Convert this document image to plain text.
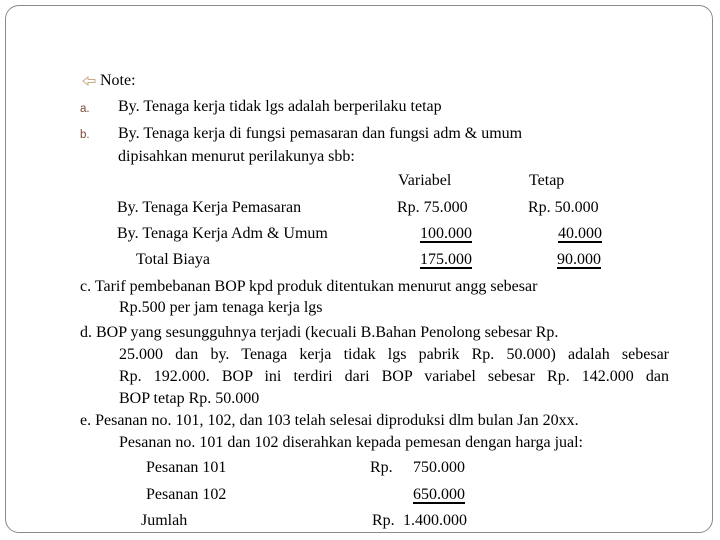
Note:
a. By. Tenaga kerja tidak lgs adalah berperilaku tetap
b. By. Tenaga kerja di fungsi pemasaran dan fungsi adm & umum
dipisahkan menurut perilakunya sbb:
Variabel	Tetap
By. Tenaga Kerja Pemasaran	Rp. 75.000	Rp. 50.000
By. Tenaga Kerja Adm & Umum	100.000	40.000
Total Biaya	175.000	90.000
c. Tarif pembebanan BOP kpd produk ditentukan menurut angg sebesar
Rp.500 per jam tenaga kerja lgs
d. BOP yang sesungguhnya terjadi (kecuali B.Bahan Penolong sebesar Rp.
25.000 dan by. Tenaga kerja tidak lgs pabrik Rp. 50.000) adalah sebesar
Rp. 192.000. BOP ini terdiri dari BOP variabel sebesar Rp. 142.000 dan
BOP tetap Rp. 50.000
e. Pesanan no. 101, 102, dan 103 telah selesai diproduksi dlm bulan Jan 20xx.
Pesanan no. 101 dan 102 diserahkan kepada pemesan dengan harga jual:
Pesanan 101	Rp. 750.000
Pesanan 102	650.000
Jumlah	Rp. 1.400.000
